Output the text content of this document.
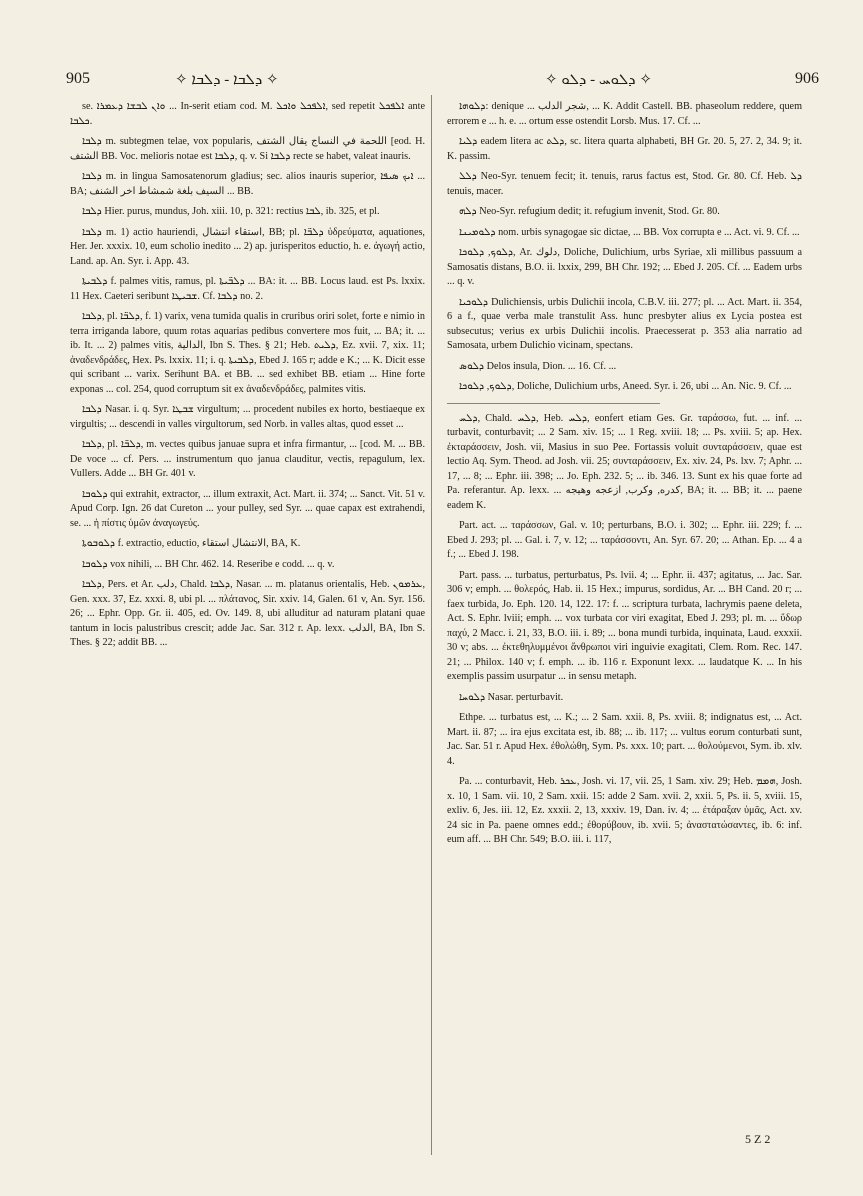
905	✧ ܕܠܒܐ - ܕܠܒܐ ✧	✧ ܕܠܘܚ - ܕܠܘ ✧	906

se. ܘܐܢ ܠܒܫܐ ܕܥܡܪܐ ... In-serit etiam cod. M. ܐܠܦܟܠ ܘܐܟܠ, sed repetit ܐܠܦܟܠ ante ܟܠܒܐ.

ܕܠܒܐ m. subtegmen telae, vox popularis, اللحمة في النساج يقال الشتف [eod. H. الشتف BB. Voc. melioris notae est ܕܠܒܐ, q. v. Si ܕܠܒܐ recte se habet, valeat inauris.

ܕܠܒܐ m. in lingua Samosatenorum gladius; sec. alios inauris superior, ܐܝܟ ܣܝܦܐ ... BA; السيف بلغة شمشاط اخر الشنف ... BB.

ܕܠܒܐ Hier. purus, mundus, Joh. xiii. 10, p. 321: rectius ܠܒܐ, ib. 325, et pl.

ܕܠܒܐ m. 1) actio hauriendi, استقاء انتشال, BB; pl. ܕܠܒ̈ܐ ὑδρεύματα, aquationes, Her. Jer. xxxix. 10, eum scholio inedito ... 2) ap. jurisperitos eductio, h. e. ἀγωγή actio, Land. ap. An. Syr. i. App. 43.

ܕܠܒܝܬܐ f. palmes vitis, ramus, pl. ܕܠܒ̈ܝܬܐ ... BA: it. ... BB. Locus laud. est Ps. lxxix. 11 Hex. Caeteri seribunt ܫܒܝܛܐ. Cf. ܕܠܒܐ no. 2.

ܕܠܒܐ, pl. ܕܠܒ̈ܐ, f. 1) varix, vena tumida qualis in cruribus oriri solet, forte e nimio in terra irriganda labore, quum rotas aquarias pedibus convertere mos fuit, ... BA; it. ... ib. It. ... 2) palmes vitis, الدالية, Ibn S. Thes. § 21; Heb. ܕܠܝܬ, Ez. xvii. 7, xix. 11; ἀναδενδράδες, Hex. Ps. lxxix. 11; i. q. ܕܠܒܝܬܐ, Ebed J. 165 r; adde e K.; ... K. Dicit esse qui scribant ... varix. Serihunt BA. et BB. ... sed exhibet BB. etiam ... Hine forte exponas ... col. 254, quod corruptum sit ex ἀναδενδράδες, palmites vitis.

ܕܠܒܐ Nasar. i. q. Syr. ܫܒܛܐ virgultum; ... procedent nubiles ex horto, bestiaeque ex virgultis; ... descendi in valles virgultorum, sed Norb. in valles altas, quod esset ...

ܕܠܒܐ, pl. ܕܠܒ̈ܐ, m. vectes quibus januae supra et infra firmantur, ... [cod. M. ... BB. De voce ... cf. Pers. ... instrumentum quo janua clauditur, vectis, repagulum, lex. Vullers. Adde ... BH Gr. 401 v.

ܕܠܘܒܐ qui extrahit, extractor, ... illum extraxit, Act. Mart. ii. 374; ... Sanct. Vit. 51 v. Apud Corp. Ign. 26 dat Cureton ... your pulley, sed Syr. ... quae capax est extrahendi, se. ... ἡ πίστις ὑμῶν ἀναγωγεύς.

ܕܠܘܒܘܬܐ f. extractio, eductio, الانتشال استقاء, BA, K.

ܕܠܘܒܐ vox nihili, ... BH Chr. 462. 14. Reseribe e codd. ... q. v.

ܕܠܒܐ, Pers. et Ar. دلب, Chald. ܕܠܒܐ, Nasar. ... m. platanus orientalis, Heb. ܥܪܡܘܢ, Gen. xxx. 37, Ez. xxxi. 8, ubi pl. ... πλάτανος, Sir. xxiv. 14, Galen. 61 v, An. Syr. 156. 26; ... Ephr. Opp. Gr. ii. 405, ed. Ov. 149. 8, ubi alluditur ad naturam platani quae tantum in locis palustribus crescit; adde Jac. Sar. 312 r. Ap. lexx. الدلب, BA, Ibn S. Thes. § 22; addit BB. ...

ܕܠܘܗܐ: denique ... شجر الدلب, ... K. Addit Castell. BB. phaseolum reddere, quem errorem e ... h. e. ... ortum esse ostendit Lorsb. Mus. 17. Cf. ...

ܕܠܝܐ eadem litera ac ܕܠܬ, sc. litera quarta alphabeti, BH Gr. 20. 5, 27. 2, 34. 9; it. K. passim.

ܕܠܠ Neo-Syr. tenuem fecit; it. tenuis, rarus factus est, Stod. Gr. 80. Cf. Heb. ܕܠ tenuis, macer.

ܕܠܗ Neo-Syr. refugium dedit; it. refugium invenit, Stod. Gr. 80.

ܕܠܘܡܝܢܐ nom. urbis synagogae sic dictae, ... BB. Vox corrupta e ... Act. vi. 9. Cf. ...

ܕܠܘܟ, ܕܠܘܟܐ, Ar. دلوك, Doliche, Dulichium, urbs Syriae, xli millibus passuum a Samosatis distans, B.O. ii. lxxix, 299, BH Chr. 192; ... Ebed J. 205. Cf. ... Eadem urbs ... q. v.

ܕܠܘܟܝܐ Dulichiensis, urbis Dulichii incola, C.B.V. iii. 277; pl. ... Act. Mart. ii. 354, 6 a f., quae verba male transtulit Ass. hunc presbyter alius ex Lycia postea est subsecutus; verius ex urbis Dulichii incolis. Praecesserat p. 353 alia narratio ad Samosata, urbem Dulichio vicinam, spectans.

ܕܠܘܣ Delos insula, Dion. ... 16. Cf. ...

ܕܠܘܟ, ܕܠܘܟܐ, Doliche, Dulichium urbs, Aneed. Syr. i. 26, ubi ... An. Nic. 9. Cf. ...

ܕܠܚ, Chald. ܕܠܚ, Heb. ܕܠܚ, eonfert etiam Ges. Gr. ταράσσω, fut. ... inf. ... turbavit, conturbavit; ... 2 Sam. xiv. 15; ... 1 Reg. xviii. 18; ... Ps. xviii. 5; ap. Hex. ἐκταράσσειν, Josh. vii, Masius in suo Pee. Fortassis voluit συνταράσσειν, quae est lectio Aq. Sym. Theod. ad Josh. vii. 25; συνταράσσειν, Ex. xiv. 24, Ps. lxv. 7; Aphr. ... 17, ... 8; ... Ephr. iii. 398; ... Jo. Eph. 232. 5; ... ib. 346. 13. Sunt ex his quae forte ad Pa. referantur. Ap. lexx. ... كدره, وكرب, ازعجه وهيجه, BA; it. ... BB; it. ... paene eadem K.

Part. act. ... ταράσσων, Gal. v. 10; perturbans, B.O. i. 302; ... Ephr. iii. 229; f. ... Ebed J. 293; pl. ... Gal. i. 7, v. 12; ... ταράσσοντι, An. Syr. 67. 20; ... Athan. Ep. ... 4 a f.; ... Ebed J. 198.

Part. pass. ... turbatus, perturbatus, Ps. lvii. 4; ... Ephr. ii. 437; agitatus, ... Jac. Sar. 306 v; emph. ... θολερός, Hab. ii. 15 Hex.; impurus, sordidus, Ar. ... BH Cand. 20 r; ... faex turbida, Jo. Eph. 120. 14, 122. 17: f. ... scriptura turbata, lachrymis paene deleta, Act. S. Ephr. lviii; emph. ... vox turbata cor viri exagitat, Ebed J. 293; pl. m. ... ὕδωρ παχύ, 2 Macc. i. 21, 33, B.O. iii. i. 89; ... bona mundi turbida, inquinata, Laud. exxxii. 30 v; abs. ... ἐκτεθηλυμμένοι ἄνθρωποι viri inguivie exagitati, Clem. Rom. Rec. 147. 21; ... Philox. 140 v; f. emph. ... ib. 116 r. Exponunt lexx. ... laudatque K. ... In his exemplis passim usurpatur ... in sensu metaph.

ܕܠܘܚܐ Nasar. perturbavit.

Ethpe. ... turbatus est, ... K.; ... 2 Sam. xxii. 8, Ps. xviii. 8; indignatus est, ... Act. Mart. ii. 87; ... ira ejus excitata est, ib. 88; ... ib. 117; ... vultus eorum conturbati sunt, Jac. Sar. 51 r. Apud Hex. ἐθολώθη, Sym. Ps. xxx. 10; part. ... θολούμενοι, Sym. ib. xlv. 4.

Pa. ... conturbavit, Heb. ܥܟܪ, Josh. vi. 17, vii. 25, 1 Sam. xiv. 29; Heb. ܗܡܡ, Josh. x. 10, 1 Sam. vii. 10, 2 Sam. xxii. 15: adde 2 Sam. xvii. 2, xxii. 5, Ps. ii. 5, xviii. 15, exliv. 6, Jes. iii. 12, Ez. xxxii. 2, 13, xxxiv. 19, Dan. iv. 4; ... ἐτάραξαν ὑμᾶς, Act. xv. 24 sic in Pa. paene omnes edd.; ἐθορύβουν, ib. xvii. 5; ἀναστατώσαντες, ib. 6: inf. eum aff. ... BH Chr. 549; B.O. iii. i. 117,

5 Z 2
